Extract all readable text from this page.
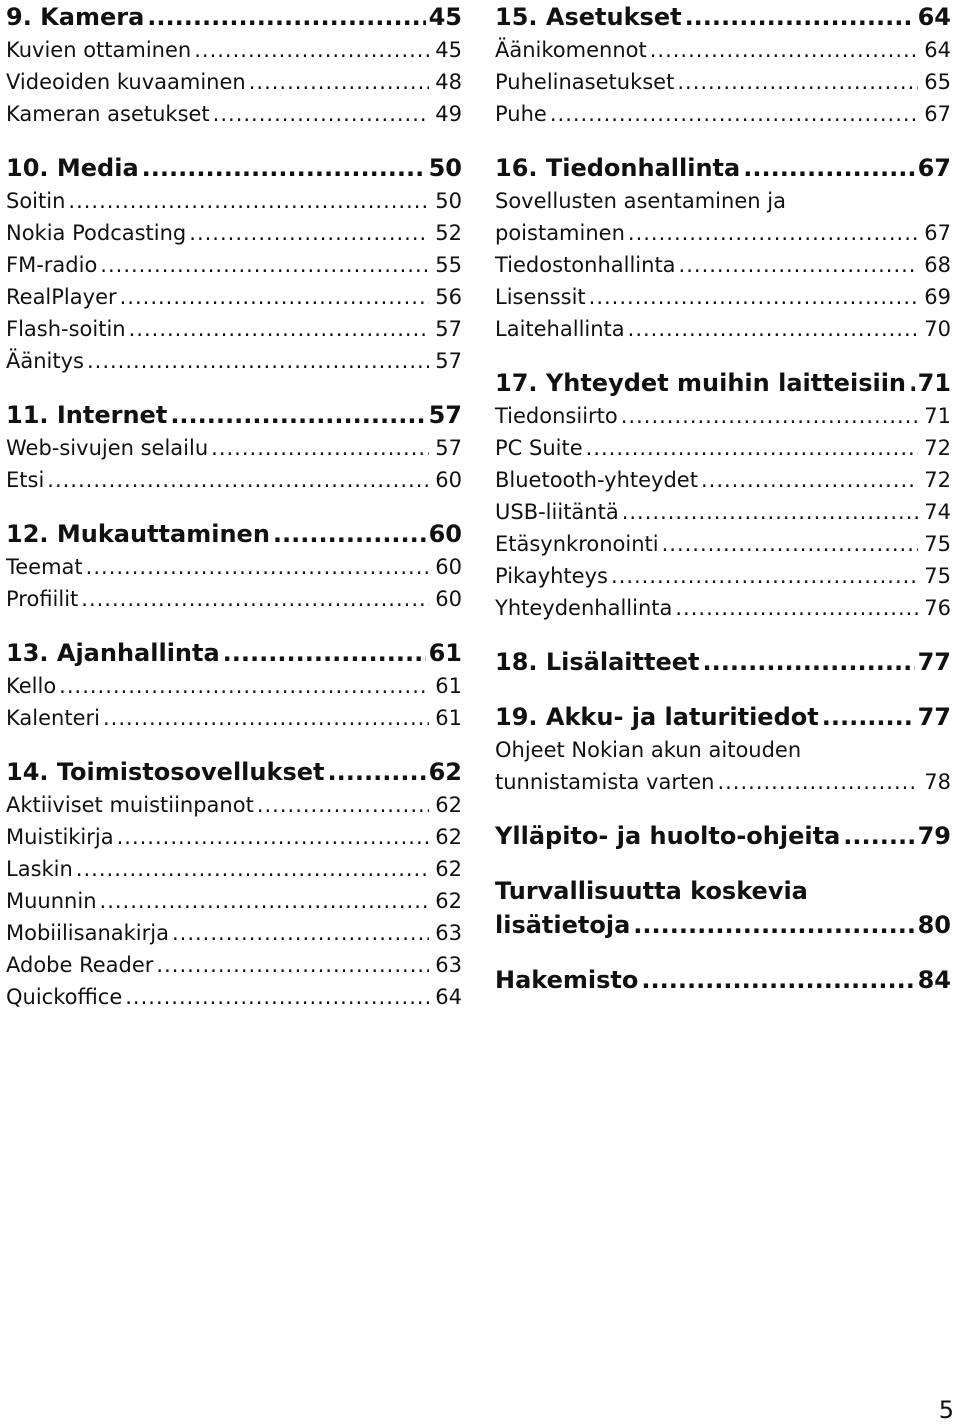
9. Kamera .....	45
Kuvien ottaminen .....	45
Videoiden kuvaaminen .....	48
Kameran asetukset .....	49
10. Media .....	50
Soitin .....	50
Nokia Podcasting .....	52
FM-radio .....	55
RealPlayer .....	56
Flash-soitin .....	57
Äänitys .....	57
11. Internet .....	57
Web-sivujen selailu .....	57
Etsi .....	60
12. Mukauttaminen .....	60
Teemat .....	60
Profiilit .....	60
13. Ajanhallinta .....	61
Kello .....	61
Kalenteri .....	61
14. Toimistosovellukset .....	62
Aktiiviset muistiinpanot .....	62
Muistikirja .....	62
Laskin .....	62
Muunnin .....	62
Mobiilisanakirja .....	63
Adobe Reader .....	63
Quickoffice .....	64
15. Asetukset .....	64
Äänikomennot .....	64
Puhelinasetukset .....	65
Puhe .....	67
16. Tiedonhallinta .....	67
Sovellusten asentaminen ja
poistaminen .....	67
Tiedostonhallinta .....	68
Lisenssit .....	69
Laitehallinta .....	70
17. Yhteydet muihin laitteisiin ..... 71
Tiedonsiirto .....	71
PC Suite .....	72
Bluetooth-yhteydet .....	72
USB-liitäntä .....	74
Etäsynkronointi .....	75
Pikayhteys .....	75
Yhteydenhallinta .....	76
18. Lisälaitteet .....	77
19. Akku- ja laturitiedot .....	77
Ohjeet Nokian akun aitouden
tunnistamista varten .....	78
Ylläpito- ja huolto-ohjeita .....	79
Turvallisuutta koskevia
lisätietoja .....	80
Hakemisto .....	84
5
